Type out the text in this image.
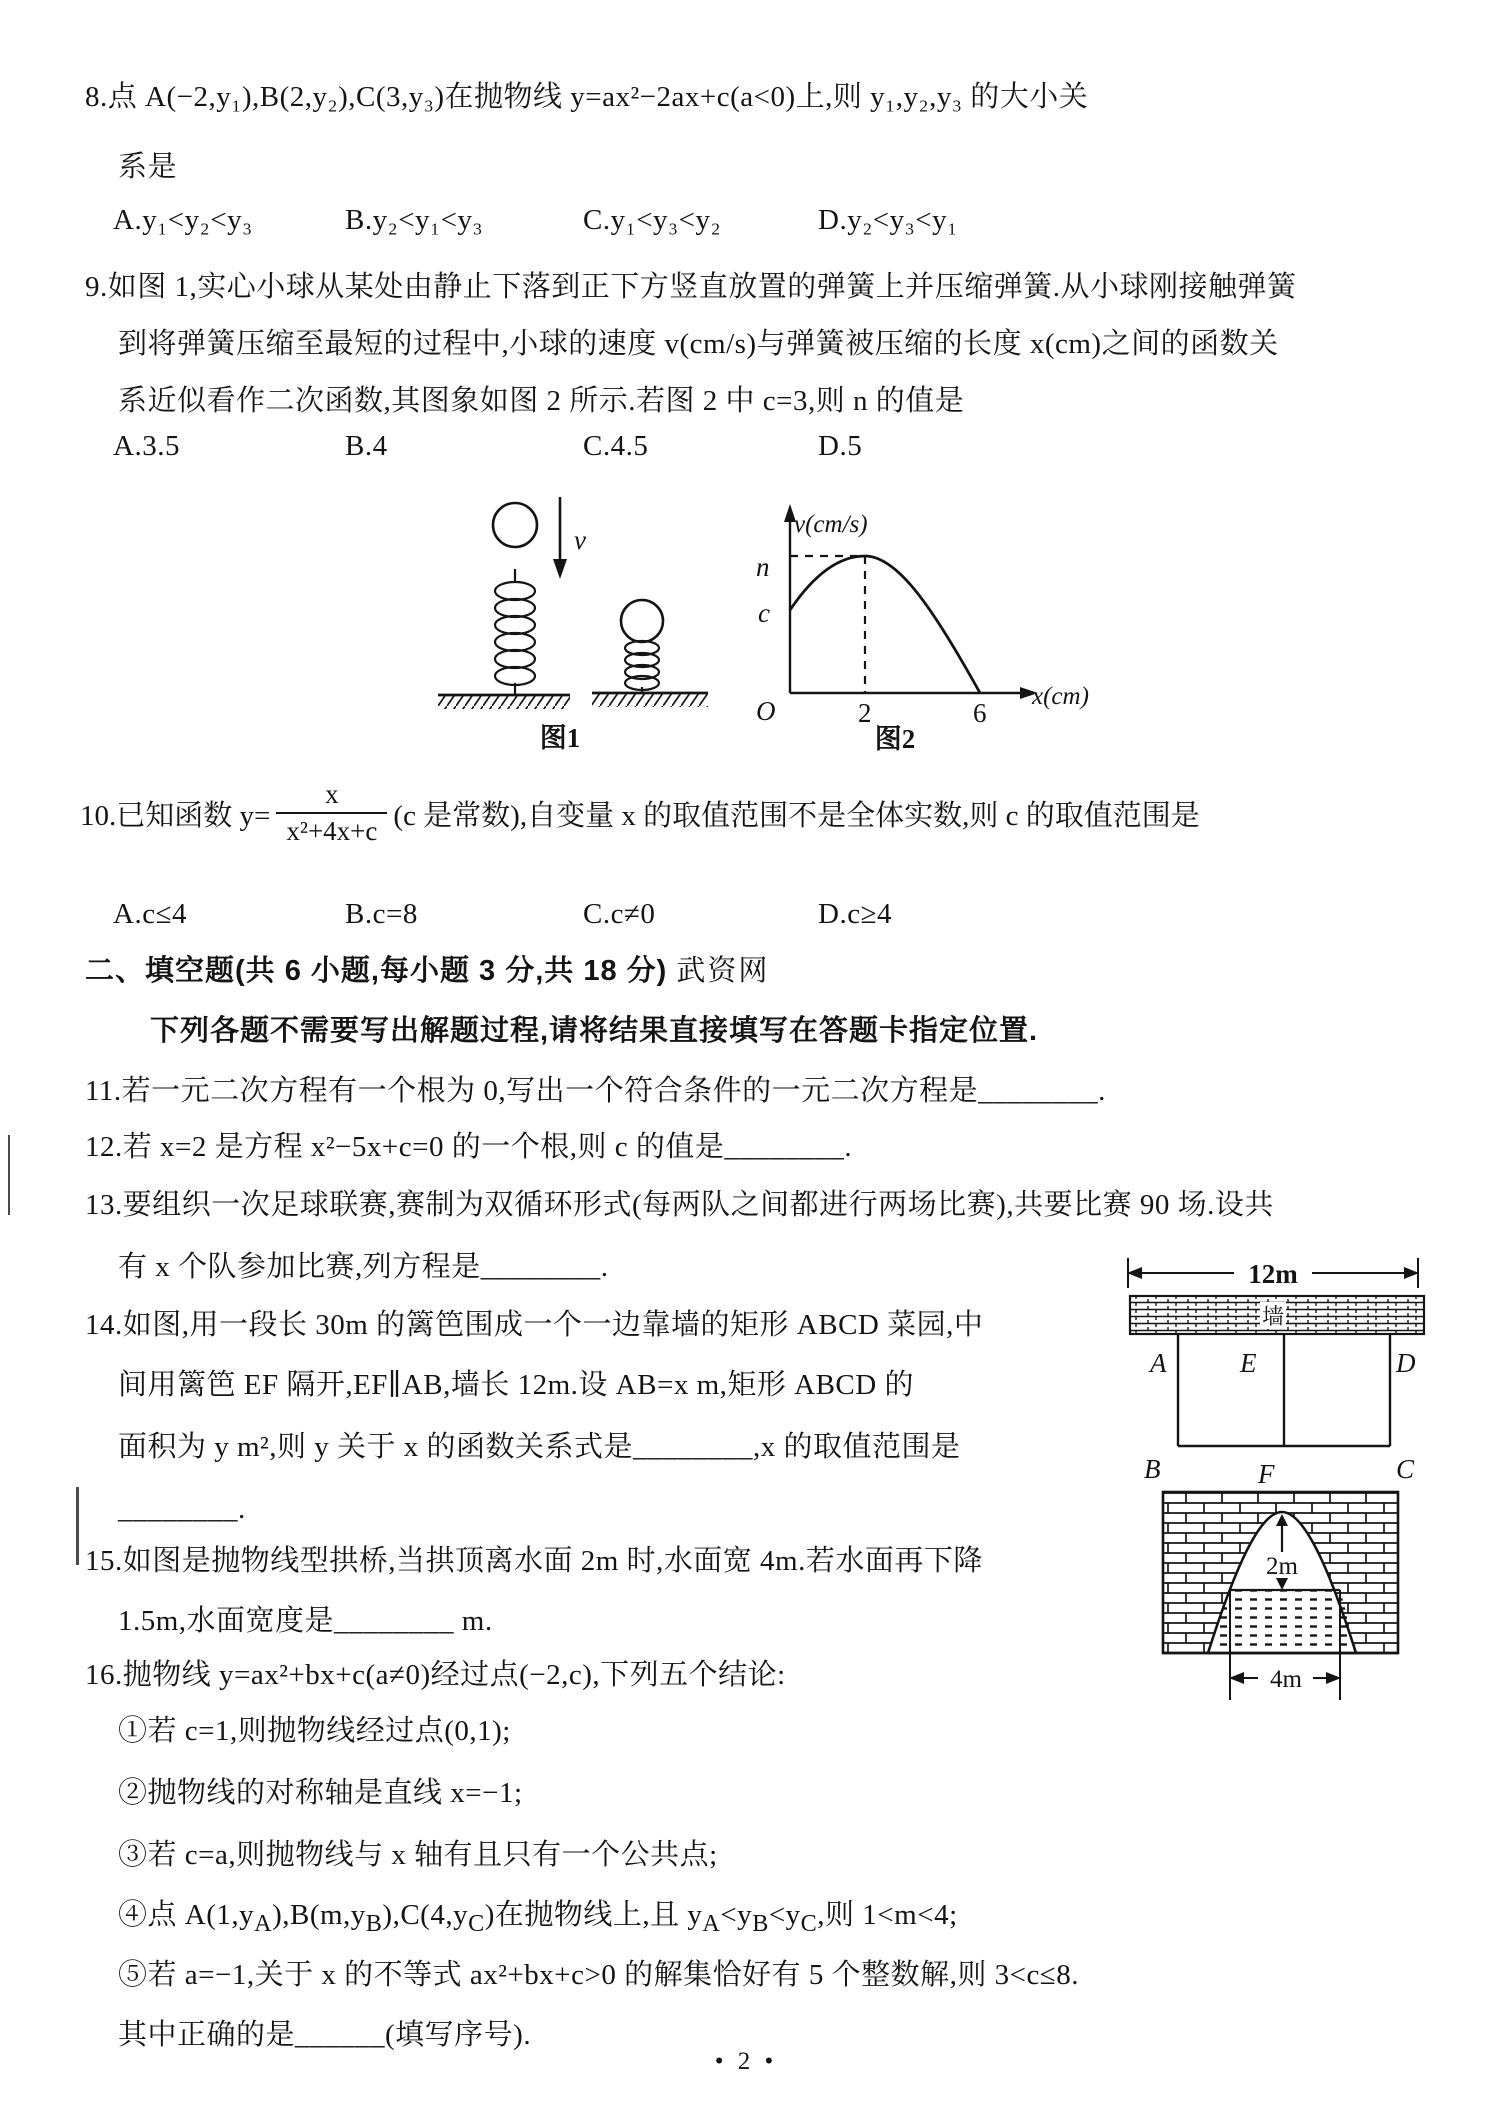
8.点 A(−2,y₁),B(2,y₂),C(3,y₃)在抛物线 y=ax²−2ax+c(a<0)上,则 y₁,y₂,y₃ 的大小关
系是
A.y₁<y₂<y₃	B.y₂<y₁<y₃	C.y₁<y₃<y₂	D.y₂<y₃<y₁
9.如图 1,实心小球从某处由静止下落到正下方竖直放置的弹簧上并压缩弹簧.从小球刚接触弹簧
到将弹簧压缩至最短的过程中,小球的速度 v(cm/s)与弹簧被压缩的长度 x(cm)之间的函数关
系近似看作二次函数,其图象如图 2 所示.若图 2 中 c=3,则 n 的值是
A.3.5	B.4	C.4.5	D.5
v
图1
v(cm/s)
n
c
O	2	6
x(cm)
图2
10.已知函数 $y= \frac{x}{\text{x²+4x+c}} (c$ 是常数),自变量 x 的取值范围不是全体实数,则 c 的取值范围是
A.c≤4	B.c=8	C.c≠0	D.c≥4
二、填空题(共 6 小题,每小题 3 分,共 18 分) 武资网
下列各题不需要写出解题过程,请将结果直接填写在答题卡指定位置.
11.若一元二次方程有一个根为 0,写出一个符合条件的一元二次方程是________.
12.若 x=2 是方程 x²−5x+c=0 的一个根,则 c 的值是________.
13.要组织一次足球联赛,赛制为双循环形式(每两队之间都进行两场比赛),共要比赛 90 场.设共
有 x 个队参加比赛,列方程是________.
14.如图,用一段长 30m 的篱笆围成一个一边靠墙的矩形 ABCD 菜园,中
间用篱笆 EF 隔开,EF∥AB,墙长 12m.设 AB=x m,矩形 ABCD 的
面积为 y m²,则 y 关于 x 的函数关系式是________,x 的取值范围是
________.
12m
墙
A	E	D
B	F	C
15.如图是抛物线型拱桥,当拱顶离水面 2m 时,水面宽 4m.若水面再下降
1.5m,水面宽度是________ m.
2m
4m
16.抛物线 y=ax²+bx+c(a≠0)经过点(−2,c),下列五个结论:
①若 c=1,则抛物线经过点(0,1);
②抛物线的对称轴是直线 x=−1;
③若 c=a,则抛物线与 x 轴有且只有一个公共点;
④点 $A(1,y_A),B(m,y_B),C(4,y_C)$在抛物线上,且 $y_A<y_B<y_C$,则 1<m<4;
⑤若 a=−1,关于 x 的不等式 ax²+bx+c>0 的解集恰好有 5 个整数解,则 3<c≤8.
其中正确的是______(填写序号).
• 2 •
